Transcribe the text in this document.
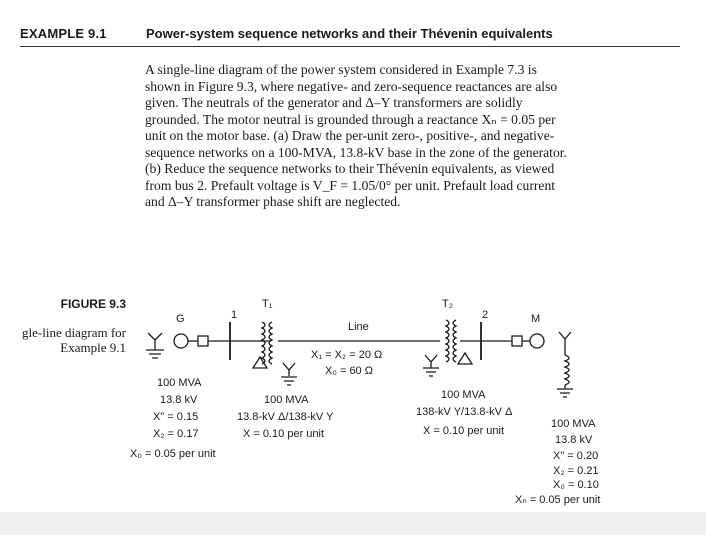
EXAMPLE 9.1	Power-system sequence networks and their Thévenin equivalents
A single-line diagram of the power system considered in Example 7.3 is
shown in Figure 9.3, where negative- and zero-sequence reactances are also
given. The neutrals of the generator and Δ–Y transformers are solidly
grounded. The motor neutral is grounded through a reactance Xₙ = 0.05 per
unit on the motor base. (a) Draw the per-unit zero-, positive-, and negative-
sequence networks on a 100-MVA, 13.8-kV base in the zone of the generator.
(b) Reduce the sequence networks to their Thévenin equivalents, as viewed
from bus 2. Prefault voltage is V_F = 1.05/0° per unit. Prefault load current
and Δ–Y transformer phase shift are neglected.
FIGURE 9.3
gle-line diagram for
Example 9.1
G	1
T₁	T₂
2	M
Line
X₁ = X₂ = 20 Ω
X₀ = 60 Ω
100 MVA
13.8 kV
X" = 0.15
X₂ = 0.17
X₀ = 0.05 per unit
100 MVA
13.8-kV Δ/138-kV Y
X = 0.10 per unit
100 MVA
138-kV Y/13.8-kV Δ
X = 0.10 per unit
100 MVA
13.8 kV
X" = 0.20
X₂ = 0.21
X₀ = 0.10
Xₙ = 0.05 per unit
